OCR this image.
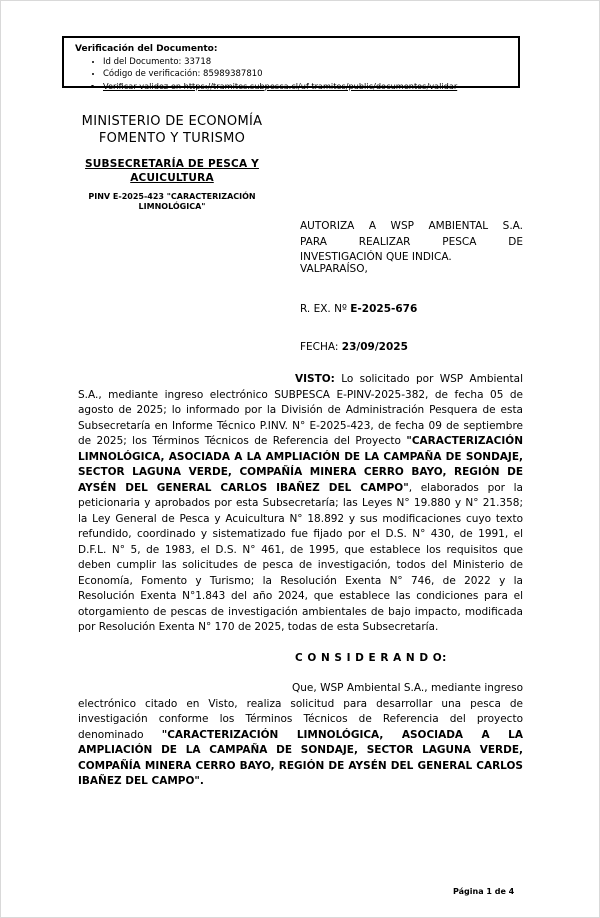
Verificación del Documento:
• Id del Documento: 33718
• Código de verificación: 85989387810
• Verificar validez en https://tramites.subpesca.cl/uf-tramites/public/documentos/validar
MINISTERIO DE ECONOMÍA
FOMENTO Y TURISMO
SUBSECRETARÍA DE PESCA Y ACUICULTURA
PINV E-2025-423 "CARACTERIZACIÓN LIMNOLÓGICA"
AUTORIZA A WSP AMBIENTAL S.A.
PARA REALIZAR PESCA DE
INVESTIGACIÓN QUE INDICA.
VALPARAÍSO,
R. EX. Nº E-2025-676
FECHA: 23/09/2025

VISTO: Lo solicitado por WSP Ambiental S.A., mediante ingreso electrónico SUBPESCA E-PINV-2025-382, de fecha 05 de agosto de 2025; lo informado por la División de Administración Pesquera de esta Subsecretaría en Informe Técnico P.INV. N° E-2025-423, de fecha 09 de septiembre de 2025; los Términos Técnicos de Referencia del Proyecto "CARACTERIZACIÓN LIMNOLÓGICA, ASOCIADA A LA AMPLIACIÓN DE LA CAMPAÑA DE SONDAJE, SECTOR LAGUNA VERDE, COMPAÑÍA MINERA CERRO BAYO, REGIÓN DE AYSÉN DEL GENERAL CARLOS IBAÑEZ DEL CAMPO", elaborados por la peticionaria y aprobados por esta Subsecretaría; las Leyes N° 19.880 y N° 21.358; la Ley General de Pesca y Acuicultura N° 18.892 y sus modificaciones cuyo texto refundido, coordinado y sistematizado fue fijado por el D.S. N° 430, de 1991, el D.F.L. N° 5, de 1983, el D.S. N° 461, de 1995, que establece los requisitos que deben cumplir las solicitudes de pesca de investigación, todos del Ministerio de Economía, Fomento y Turismo; la Resolución Exenta N° 746, de 2022 y la Resolución Exenta N°1.843 del año 2024, que establece las condiciones para el otorgamiento de pescas de investigación ambientales de bajo impacto, modificada por Resolución Exenta N° 170 de 2025, todas de esta Subsecretaría.

C O N S I D E R A N D O:

Que, WSP Ambiental S.A., mediante ingreso electrónico citado en Visto, realiza solicitud para desarrollar una pesca de investigación conforme los Términos Técnicos de Referencia del proyecto denominado "CARACTERIZACIÓN LIMNOLÓGICA, ASOCIADA A LA AMPLIACIÓN DE LA CAMPAÑA DE SONDAJE, SECTOR LAGUNA VERDE, COMPAÑÍA MINERA CERRO BAYO, REGIÓN DE AYSÉN DEL GENERAL CARLOS IBAÑEZ DEL CAMPO".

Página 1 de 4
